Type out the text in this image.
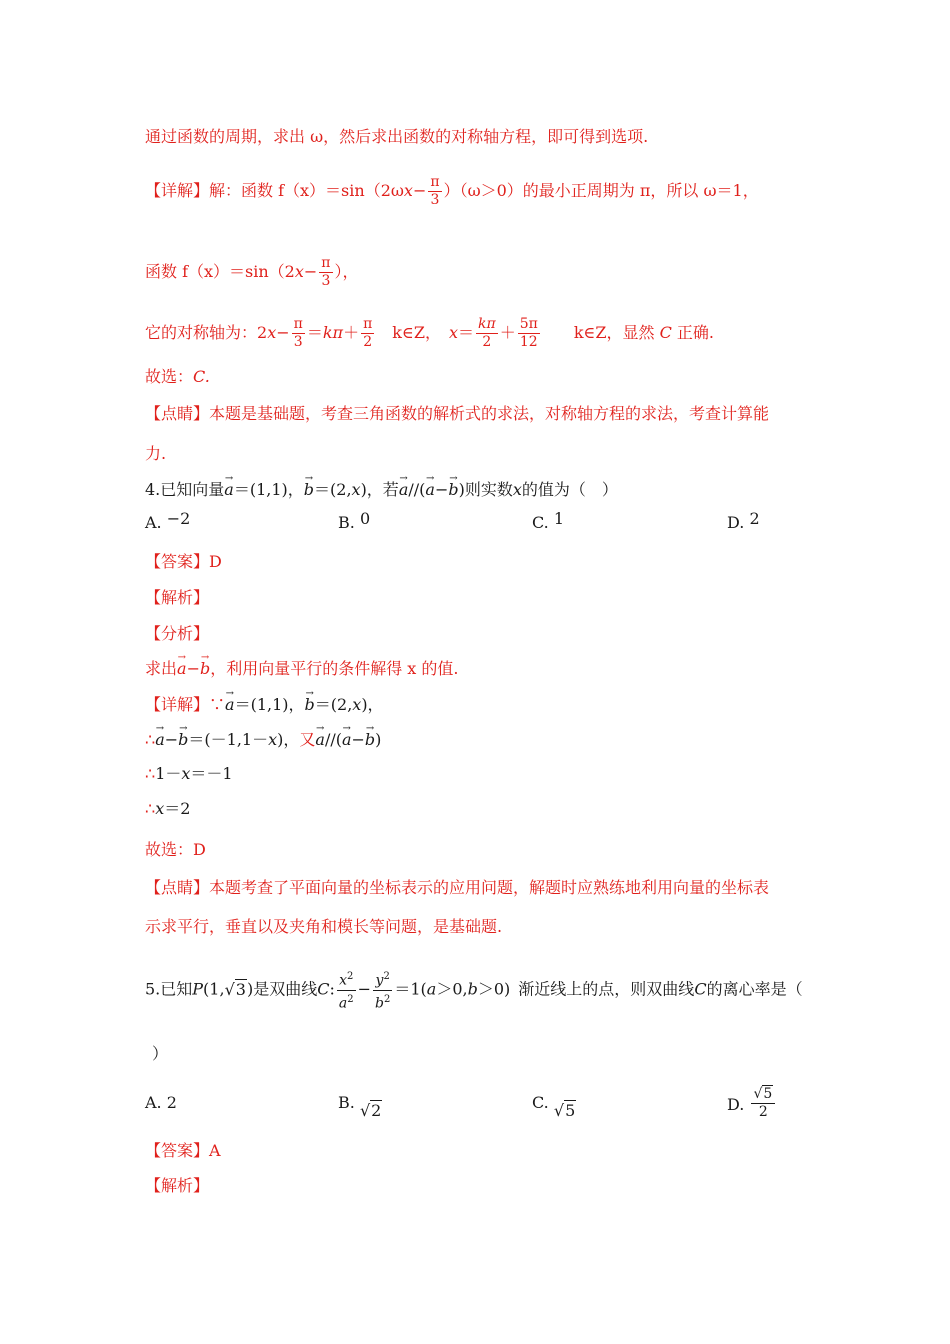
通过函数的周期，求出 ω，然后求出函数的对称轴方程，即可得到选项.
【详解】解：函数 $f(x)=\sin(2\omega x- \frac{\pi}{3} )(\omega>0)$的最小正周期为 π，所以 ω＝1，
函数 $f(x)=\sin(2x- \frac{\pi}{3}$ ），
它的对称轴为：$2x- \frac{\pi}{3} =k\pi+ \frac{\pi}{2}$ k∈Z， $x= \frac{k\pi}{2} + \frac{5\pi}{12}$ k∈Z，显然 C 正确.
故选：C.
【点睛】本题是基础题，考查三角函数的解析式的求法，对称轴方程的求法，考查计算能
力.
4.已知向量→ a＝(1,1)，→ b＝(2,x)，若→ a//(→ a−→ b)则实数x的值为（　）
A. −2	B. 0	C. 1	D. 2
【答案】D
【解析】
【分析】
求出→ a−→ b，利用向量平行的条件解得 x 的值.
【详解】∵→ a＝(1,1)，→ b＝(2,x)，
∴→ a−→ b＝(－1,1－x)，又→ a//(→ a−→ b)
∴1－x＝－1
∴x＝2
故选：D
【点睛】本题考查了平面向量的坐标表示的应用问题，解题时应熟练地利用向量的坐标表
示求平行，垂直以及夹角和模长等问题，是基础题.
5.已知P(1,√3)是双曲线C: $\frac{x^2}{a^2} - \frac{y^2}{b^2} =1(a>0,b>0)$ 渐近线上的点，则双曲线C的离心率是（
）
A. 2	B. √2	C. √5	D. $\frac{√5}{2}$
【答案】A
【解析】
